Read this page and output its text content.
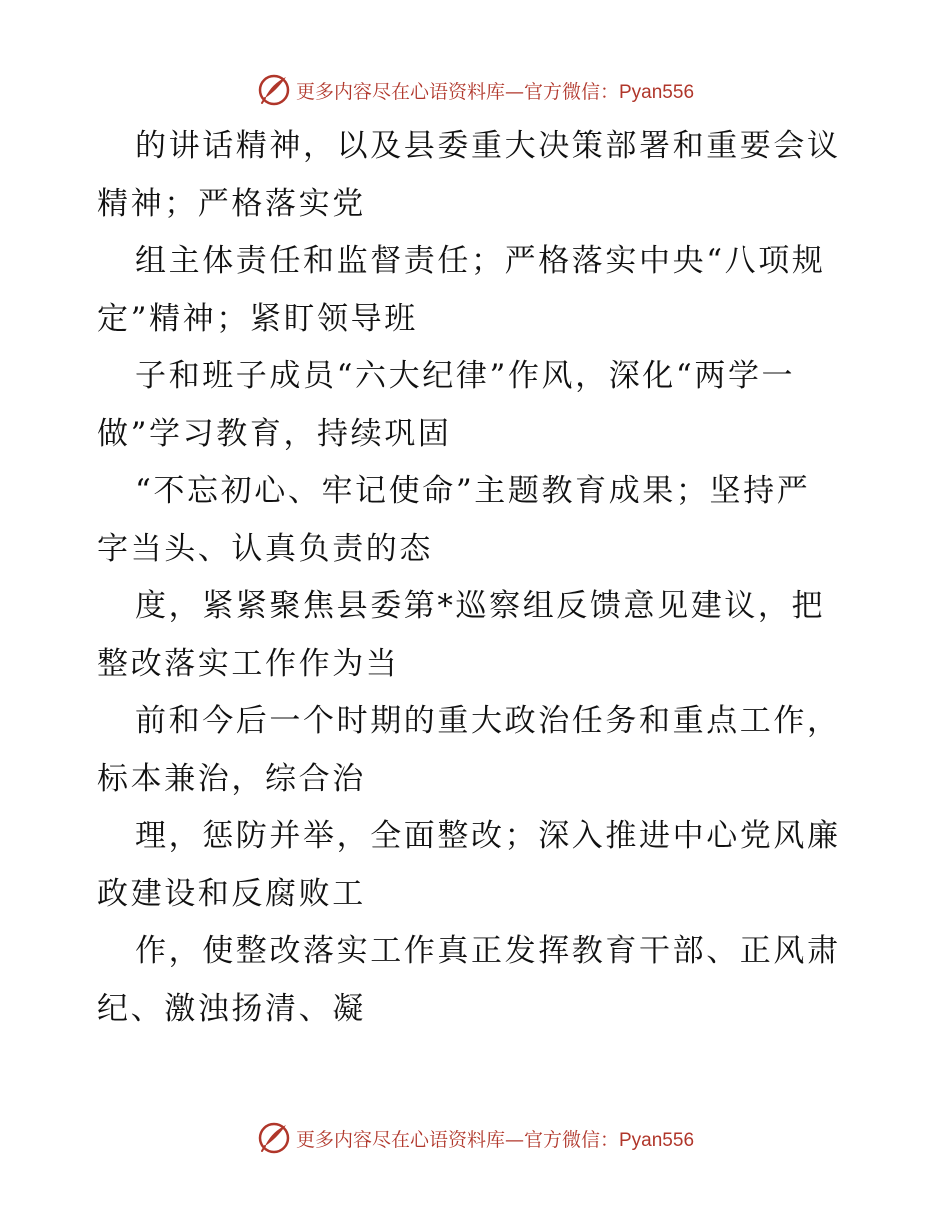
更多内容尽在心语资料库— 官方微信：Pyan556
的讲话精神，以及县委重大决策部署和重要会议
精神；严格落实党
组主体责任和监督责任；严格落实中央“八项规
定”精神；紧盯领导班
子和班子成员“六大纪律”作风，深化“两学一
做”学习教育，持续巩固
“不忘初心、牢记使命”主题教育成果；坚持严
字当头、认真负责的态
度，紧紧聚焦县委第*巡察组反馈意见建议，把
整改落实工作作为当
前和今后一个时期的重大政治任务和重点工作，
标本兼治，综合治
理，惩防并举，全面整改；深入推进中心党风廉
政建设和反腐败工
作，使整改落实工作真正发挥教育干部、正风肃
纪、激浊扬清、凝
更多内容尽在心语资料库— 官方微信：Pyan556
